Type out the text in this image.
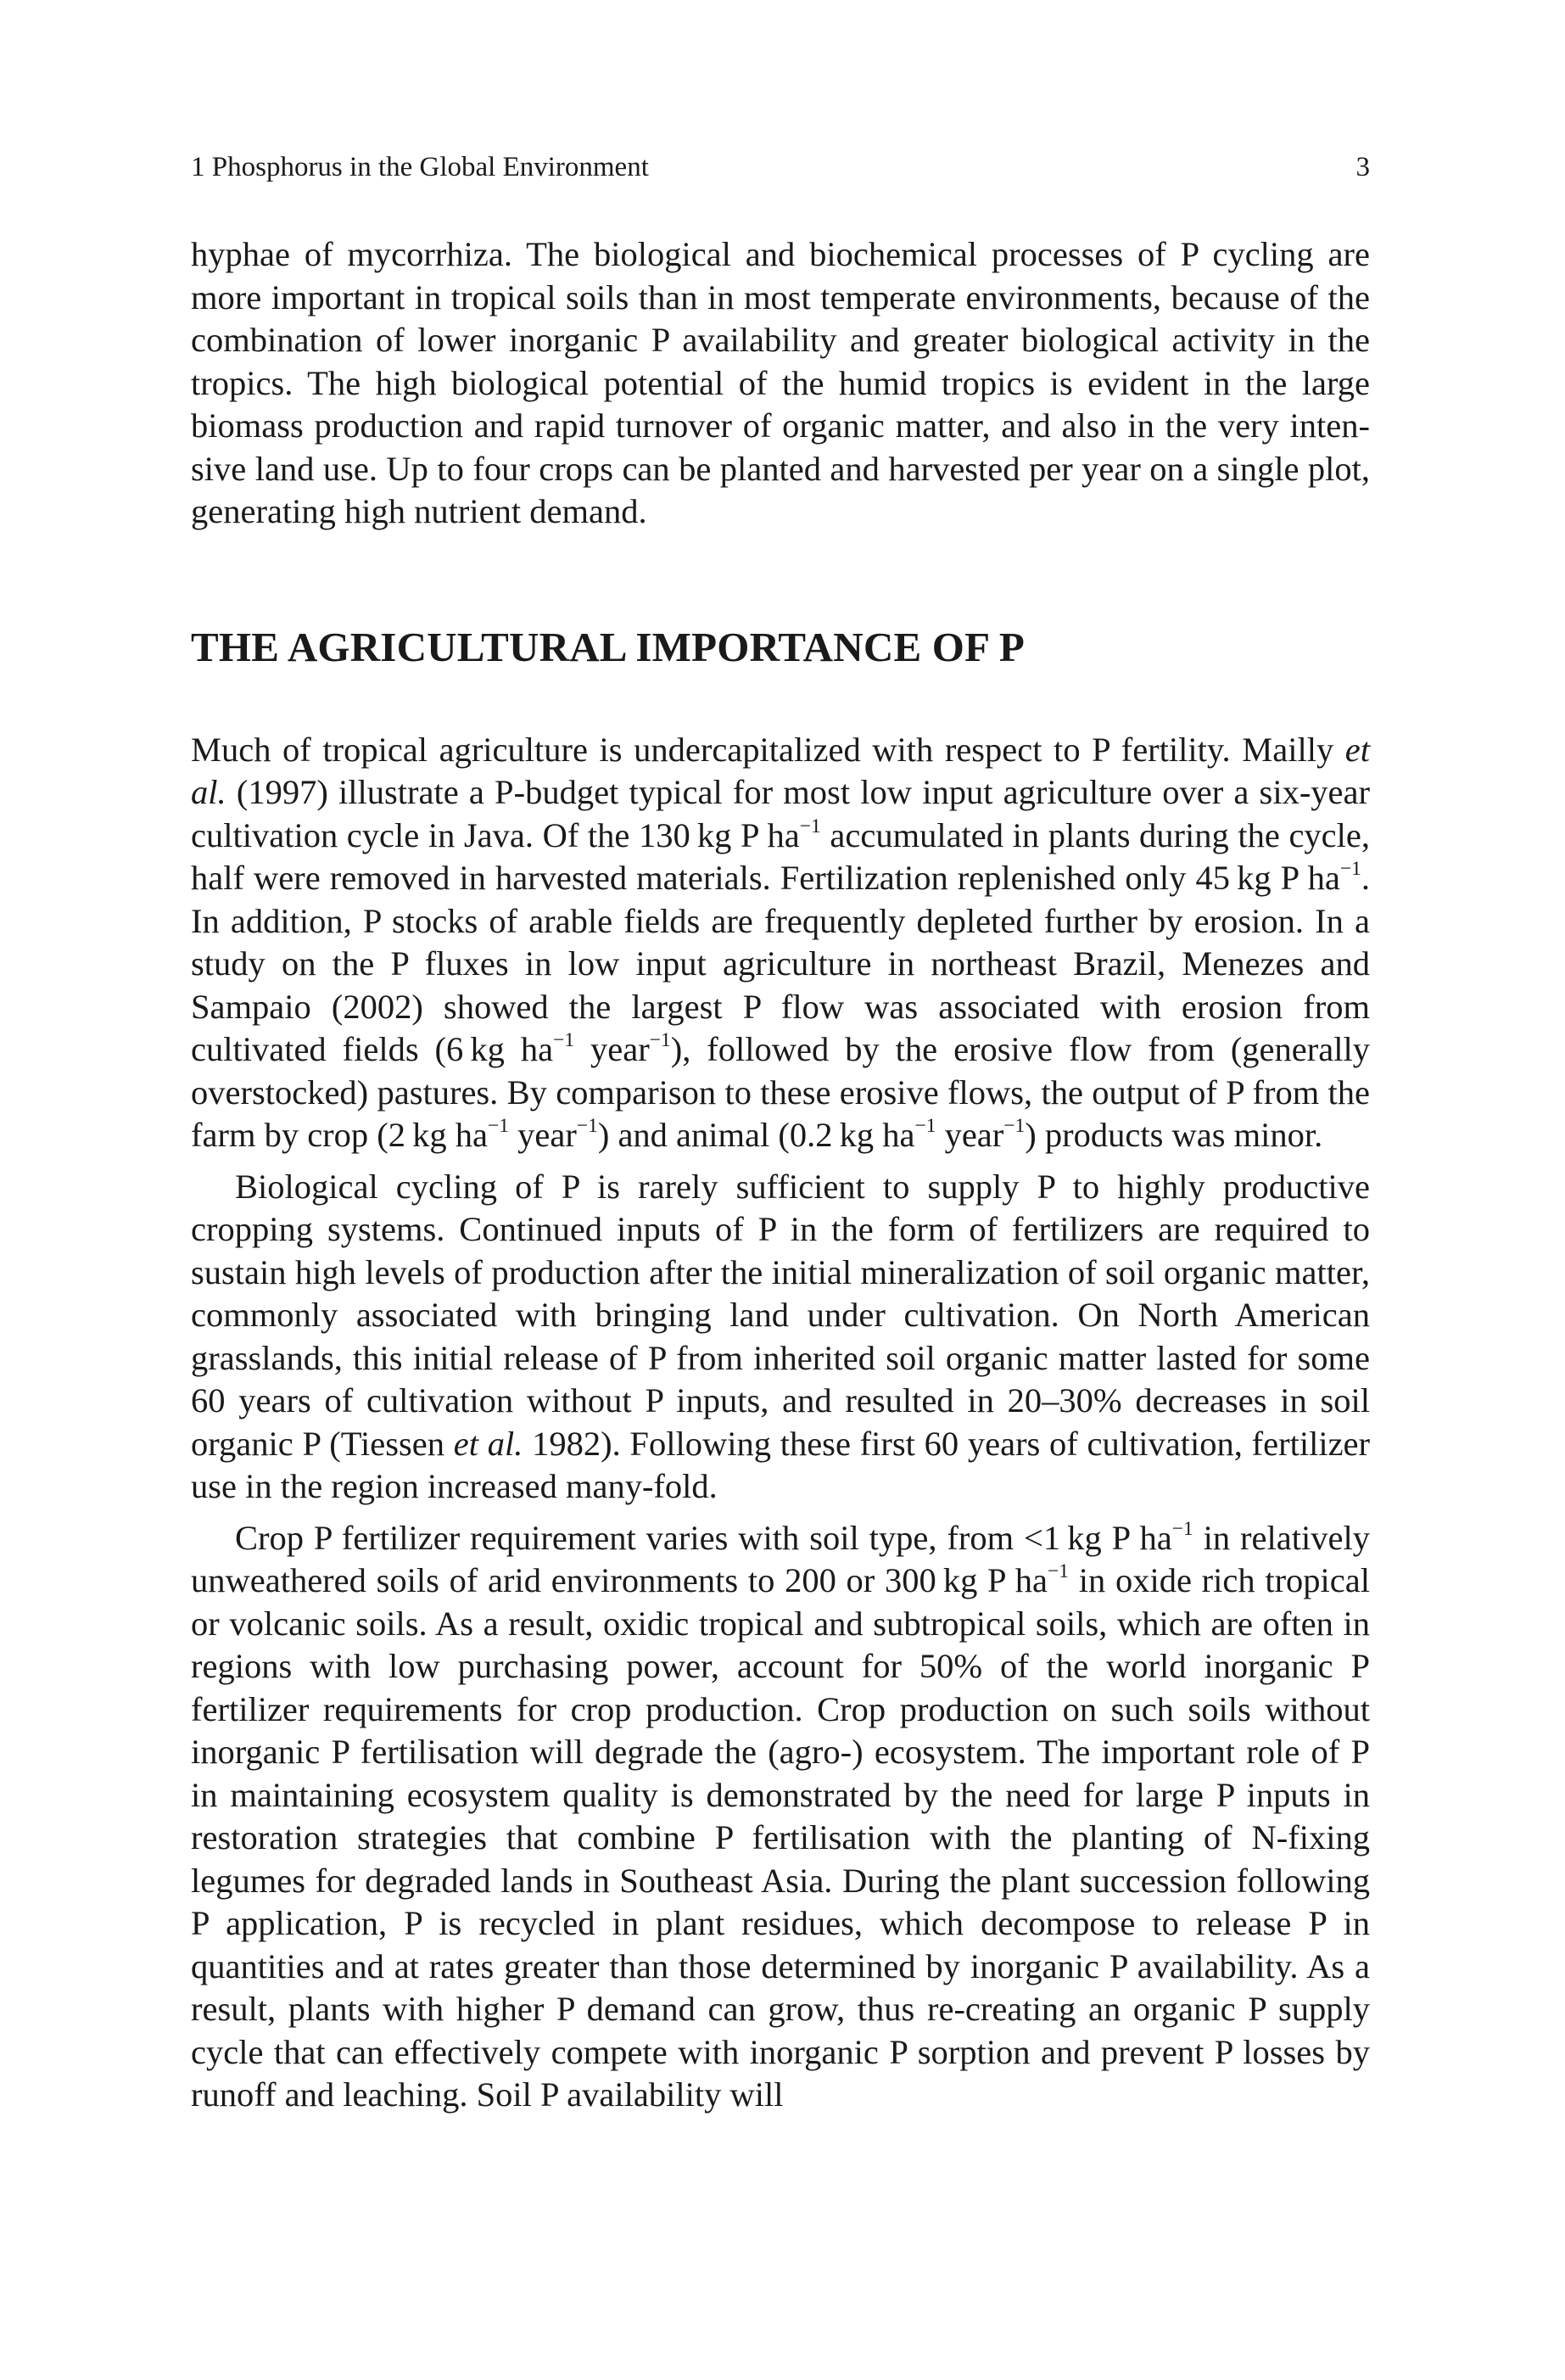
1 Phosphorus in the Global Environment	3

hyphae of mycorrhiza. The biological and biochemical processes of P cycling are more important in tropical soils than in most temperate environments, because of the combination of lower inorganic P availability and greater biological activity in the tropics. The high biological potential of the humid tropics is evident in the large biomass production and rapid turnover of organic matter, and also in the very intensive land use. Up to four crops can be planted and harvested per year on a single plot, generating high nutrient demand.

THE AGRICULTURAL IMPORTANCE OF P

Much of tropical agriculture is undercapitalized with respect to P fertility. Mailly et al. (1997) illustrate a P-budget typical for most low input agriculture over a six-year cultivation cycle in Java. Of the 130 kg P $ha^{-1}$ accumulated in plants during the cycle, half were removed in harvested materials. Fertilization replenished only 45 kg P $ha^{-1}$. In addition, P stocks of arable fields are frequently depleted further by erosion. In a study on the P fluxes in low input agriculture in northeast Brazil, Menezes and Sampaio (2002) showed the largest P flow was associated with erosion from cultivated fields (6 kg $ha^{-1}$ year$^{-1}$), followed by the erosive flow from (generally overstocked) pastures. By comparison to these erosive flows, the output of P from the farm by crop (2 kg $ha^{-1}$ year$^{-1}$) and animal (0.2 kg $ha^{-1}$ year$^{-1}$) products was minor.

Biological cycling of P is rarely sufficient to supply P to highly productive cropping systems. Continued inputs of P in the form of fertilizers are required to sustain high levels of production after the initial mineralization of soil organic matter, commonly associated with bringing land under cultivation. On North American grasslands, this initial release of P from inherited soil organic matter lasted for some 60 years of cultivation without P inputs, and resulted in 20–30% decreases in soil organic P (Tiessen et al. 1982). Following these first 60 years of cultivation, fertilizer use in the region increased many-fold.

Crop P fertilizer requirement varies with soil type, from <1 kg P $ha^{-1}$ in relatively unweathered soils of arid environments to 200 or 300 kg P $ha^{-1}$ in oxide rich tropical or volcanic soils. As a result, oxidic tropical and subtropical soils, which are often in regions with low purchasing power, account for 50% of the world inorganic P fertilizer requirements for crop production. Crop production on such soils without inorganic P fertilisation will degrade the (agro-) ecosystem. The important role of P in maintaining ecosystem quality is demonstrated by the need for large P inputs in restoration strategies that combine P fertilisation with the planting of N-fixing legumes for degraded lands in Southeast Asia. During the plant succession following P application, P is recycled in plant residues, which decompose to release P in quantities and at rates greater than those determined by inorganic P availability. As a result, plants with higher P demand can grow, thus re-creating an organic P supply cycle that can effectively compete with inorganic P sorption and prevent P losses by runoff and leaching. Soil P availability will
